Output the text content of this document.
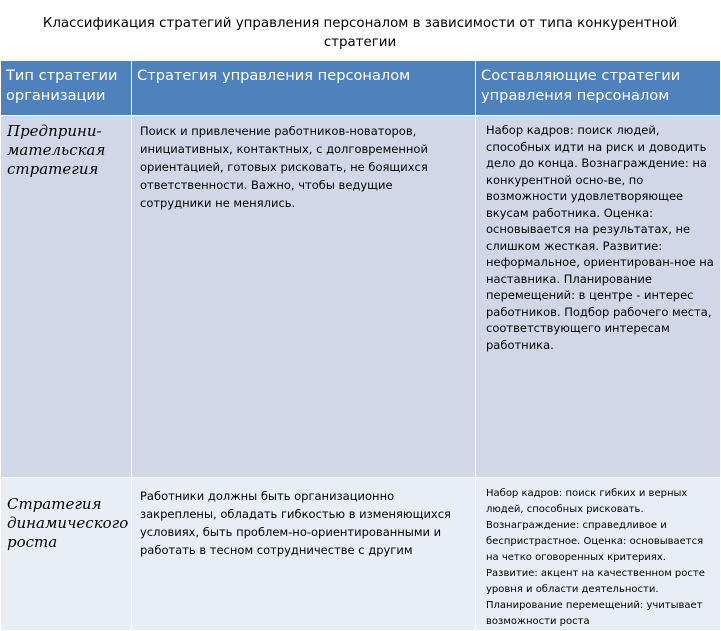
Классификация стратегий управления персоналом в зависимости от типа конкурентной стратегии
Тип стратегии организации	Стратегия управления персоналом	Составляющие стратегии управления персоналом
Предприни-мательская стратегия	Поиск и привлечение работников-новаторов, инициативных, контактных, с долговременной ориентацией, готовых рисковать, не боящихся ответственности. Важно, чтобы ведущие сотрудники не менялись.	Набор кадров: поиск людей, способных идти на риск и доводить дело до конца. Вознаграждение: на конкурентной осно-ве, по возможности удовлетворяющее вкусам работника. Оценка: основывается на результатах, не слишком жесткая. Развитие: неформальное, ориентирован-ное на наставника. Планирование перемещений: в центре - интерес работников. Подбор рабочего места, соответствующего интересам работника.
Стратегия динамического роста	Работники должны быть организационно закреплены, обладать гибкостью в изменяющихся условиях, быть проблем-но-ориентированными и работать в тесном сотрудничестве с другим	Набор кадров: поиск гибких и верных людей, способных рисковать. Вознаграждение: справедливое и беспристрастное. Оценка: основывается на четко оговоренных критериях. Развитие: акцент на качественном росте уровня и области деятельности. Планирование перемещений: учитывает возможности роста
